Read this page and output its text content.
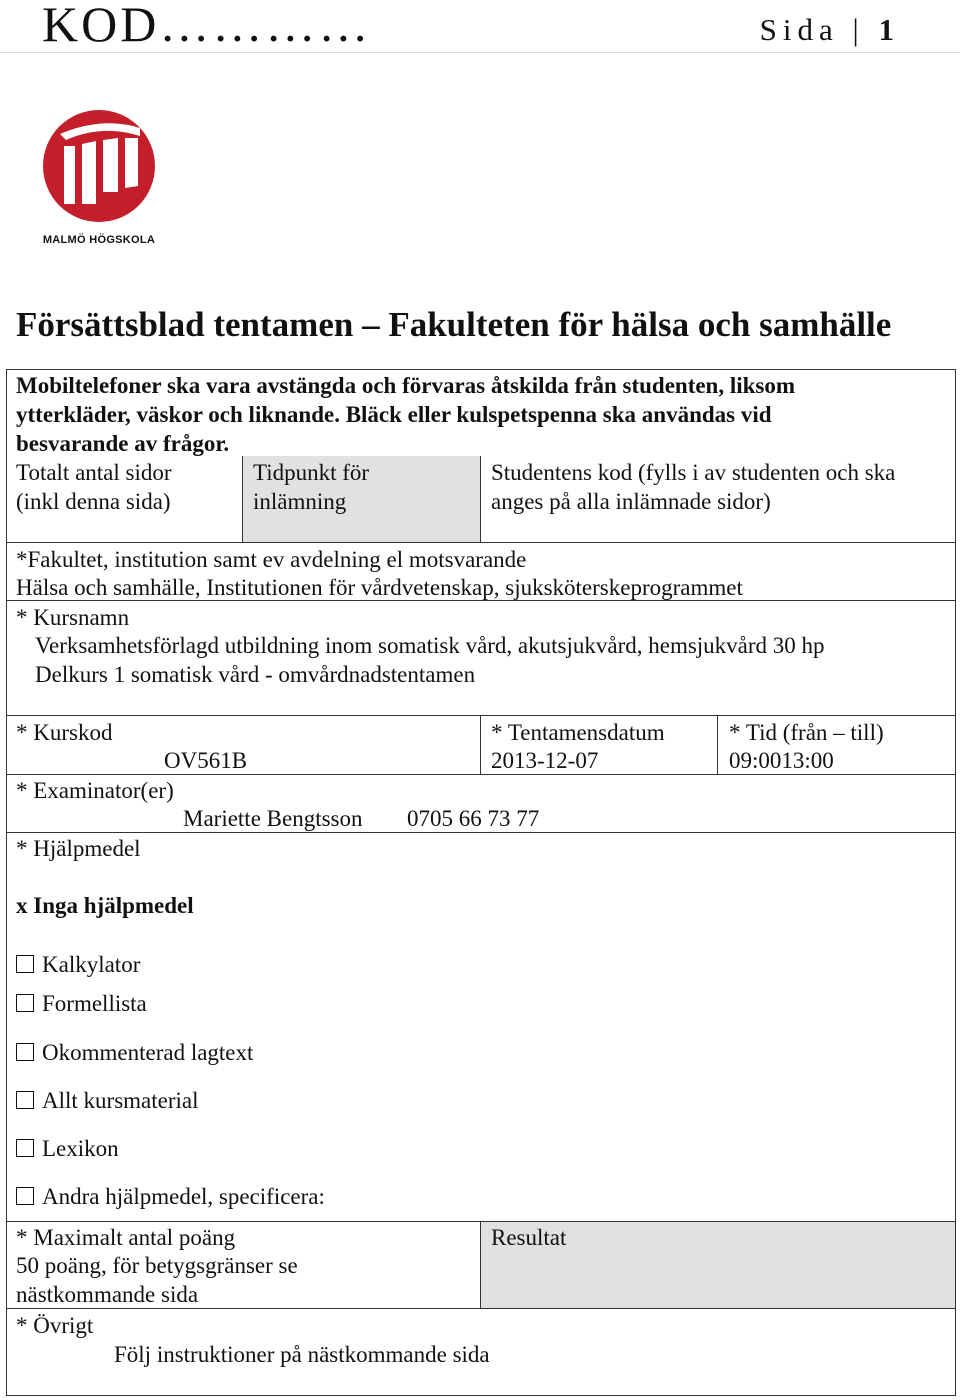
KOD…………	Sida | 1
MALMÖ HÖGSKOLA
Försättsblad tentamen – Fakulteten för hälsa och samhälle
Mobiltelefoner ska vara avstängda och förvaras åtskilda från studenten, liksom
ytterkläder, väskor och liknande. Bläck eller kulspetspenna ska användas vid
besvarande av frågor.
Totalt antal sidor
(inkl denna sida)
Tidpunkt för
inlämning
Studentens kod (fylls i av studenten och ska
anges på alla inlämnade sidor)
*Fakultet, institution samt ev avdelning el motsvarande
Hälsa och samhälle, Institutionen för vårdvetenskap, sjuksköterskeprogrammet
* Kursnamn
Verksamhetsförlagd utbildning inom somatisk vård, akutsjukvård, hemsjukvård 30 hp
Delkurs 1 somatisk vård - omvårdnadstentamen
* Kurskod
OV561B
* Tentamensdatum
2013-12-07
* Tid (från – till)
09:0013:00
* Examinator(er)
Mariette Bengtsson 0705 66 73 77
* Hjälpmedel
x Inga hjälpmedel
Kalkylator
Formellista
Okommenterad lagtext
Allt kursmaterial
Lexikon
Andra hjälpmedel, specificera:
* Maximalt antal poäng
50 poäng, för betygsgränser se
nästkommande sida
Resultat
* Övrigt
Följ instruktioner på nästkommande sida
